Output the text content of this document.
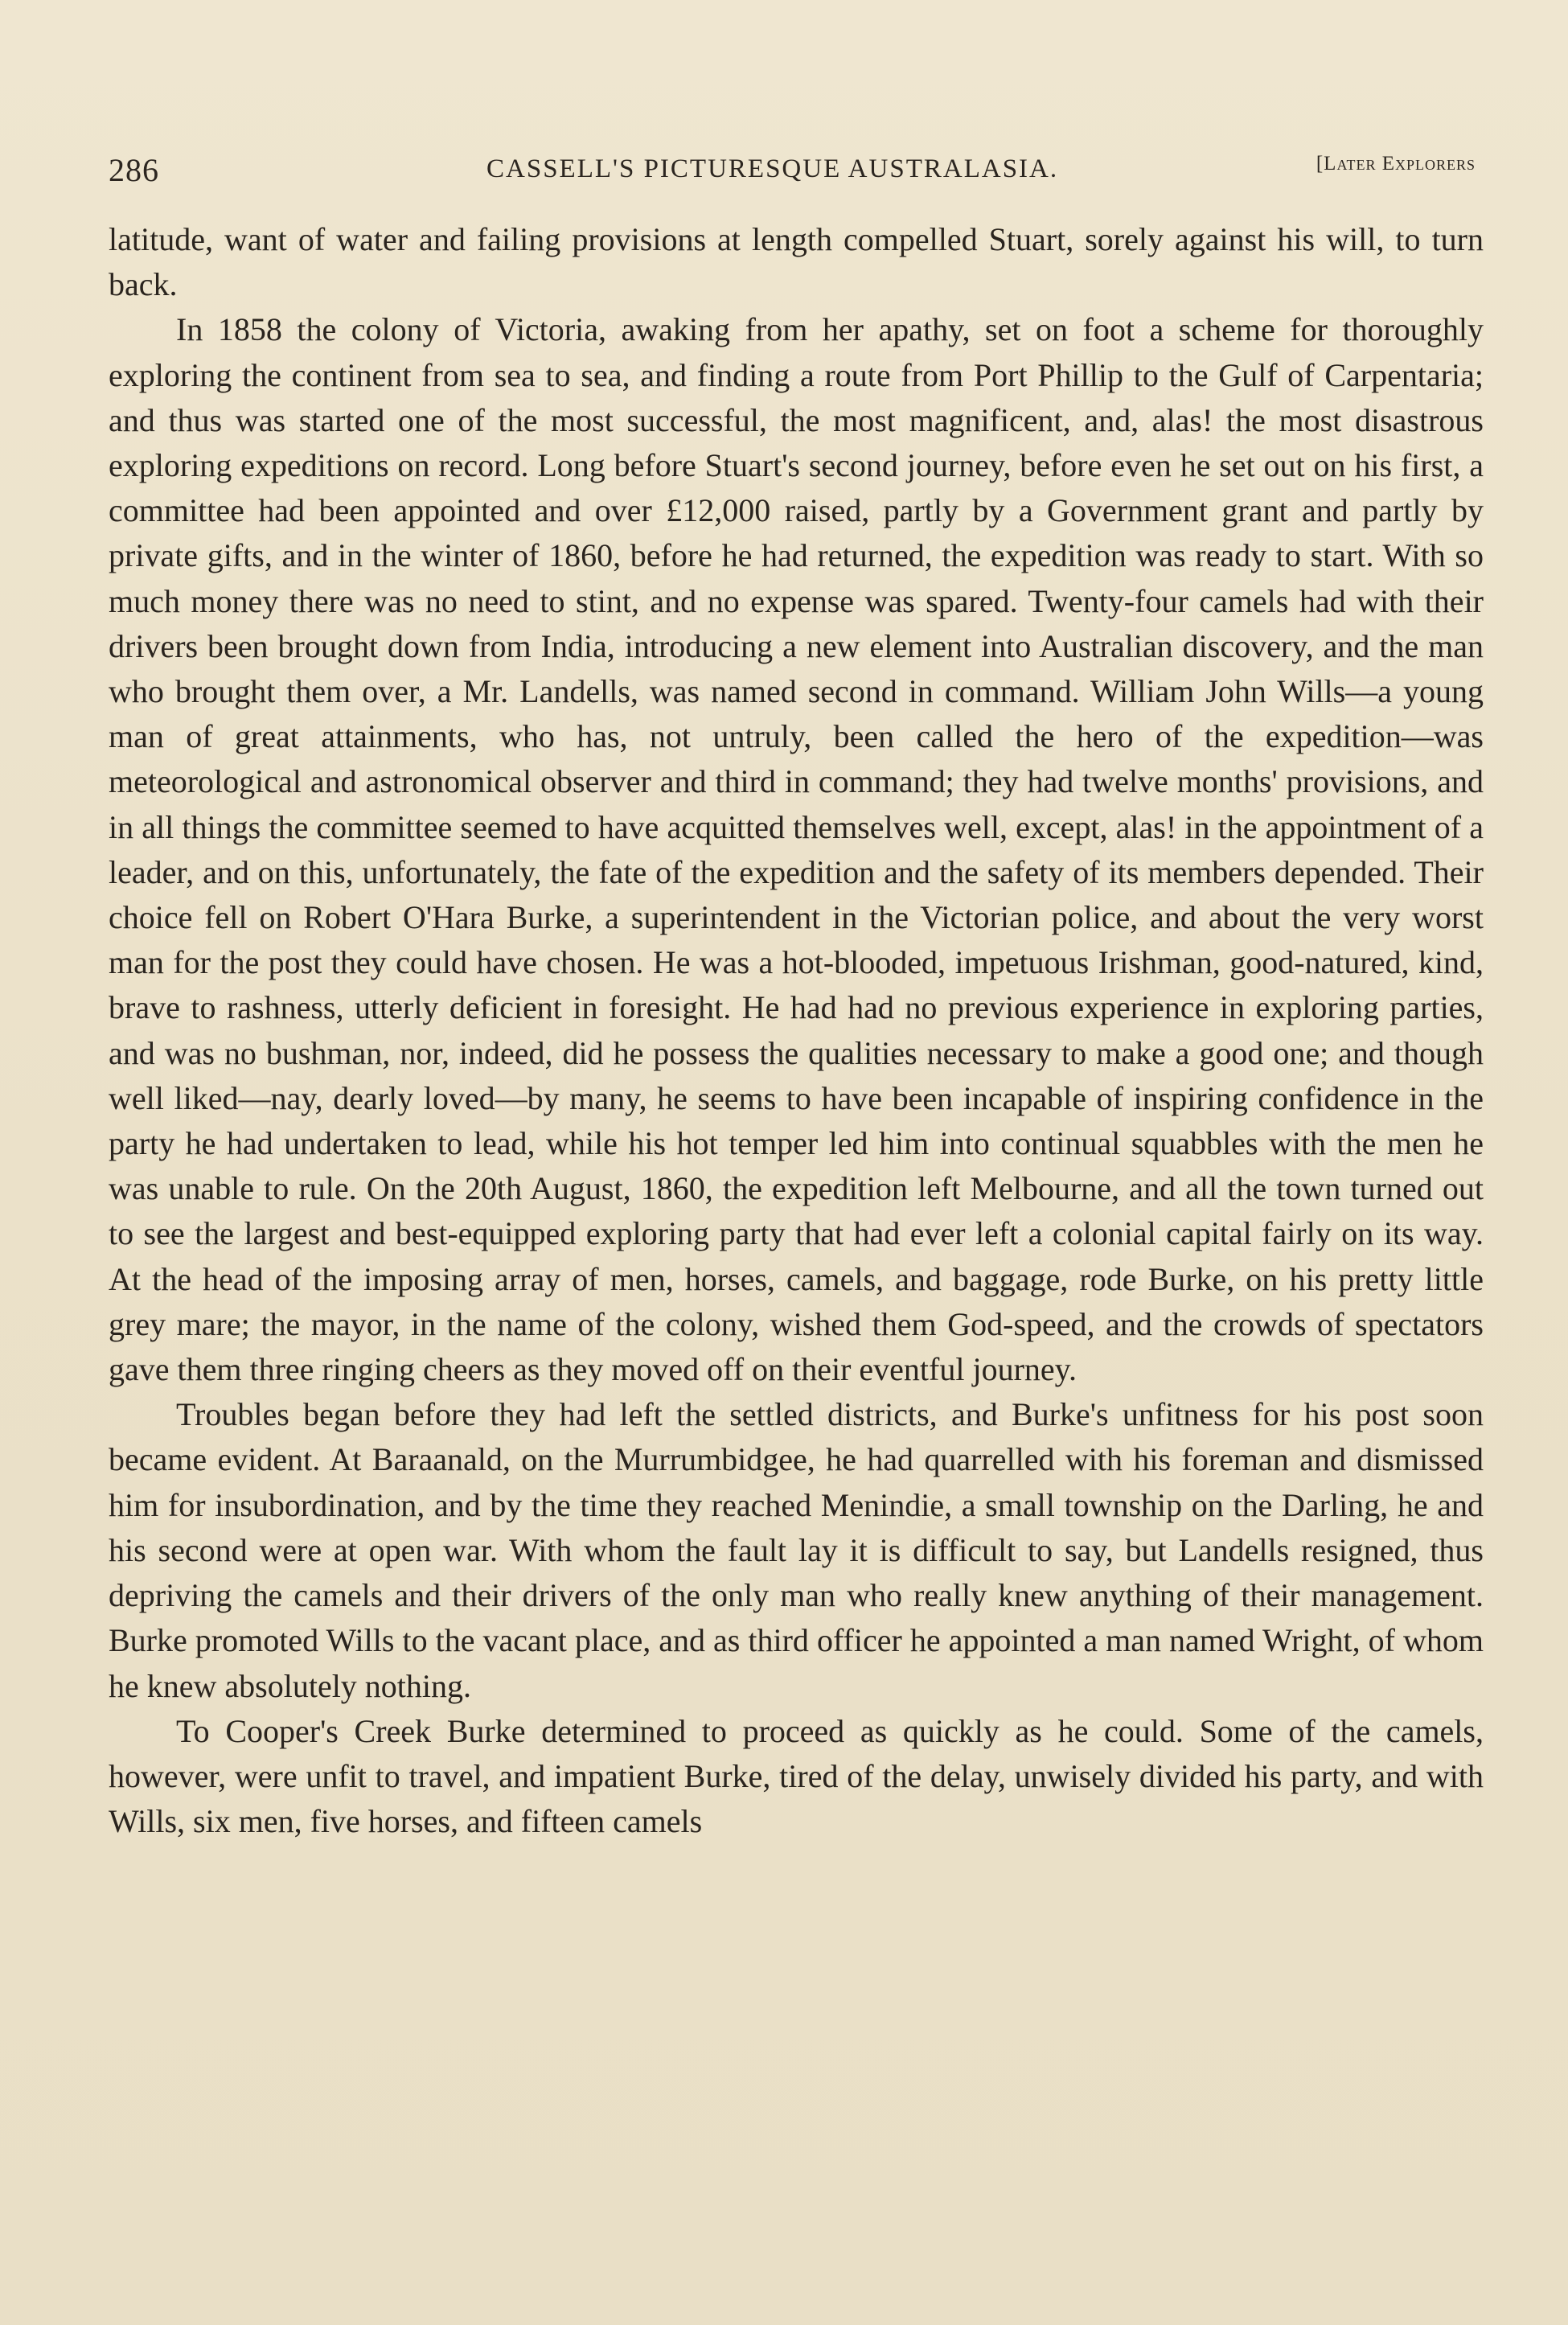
286	CASSELL'S PICTURESQUE AUSTRALASIA.	[Later Explorers

latitude, want of water and failing provisions at length compelled Stuart, sorely against his will, to turn back.

In 1858 the colony of Victoria, awaking from her apathy, set on foot a scheme for thoroughly exploring the continent from sea to sea, and finding a route from Port Phillip to the Gulf of Carpentaria; and thus was started one of the most successful, the most magnificent, and, alas! the most disastrous exploring expeditions on record. Long before Stuart's second journey, before even he set out on his first, a committee had been appointed and over £12,000 raised, partly by a Government grant and partly by private gifts, and in the winter of 1860, before he had returned, the expedition was ready to start. With so much money there was no need to stint, and no expense was spared. Twenty-four camels had with their drivers been brought down from India, introducing a new element into Australian discovery, and the man who brought them over, a Mr. Landells, was named second in command. William John Wills—a young man of great attainments, who has, not untruly, been called the hero of the expedition—was meteorological and astronomical observer and third in command; they had twelve months' provisions, and in all things the committee seemed to have acquitted themselves well, except, alas! in the appointment of a leader, and on this, unfortunately, the fate of the expedition and the safety of its members depended. Their choice fell on Robert O'Hara Burke, a superintendent in the Victorian police, and about the very worst man for the post they could have chosen. He was a hot-blooded, impetuous Irishman, good-natured, kind, brave to rashness, utterly deficient in foresight. He had had no previous experience in exploring parties, and was no bushman, nor, indeed, did he possess the qualities necessary to make a good one; and though well liked—nay, dearly loved—by many, he seems to have been incapable of inspiring confidence in the party he had undertaken to lead, while his hot temper led him into continual squabbles with the men he was unable to rule. On the 20th August, 1860, the expedition left Melbourne, and all the town turned out to see the largest and best-equipped exploring party that had ever left a colonial capital fairly on its way. At the head of the imposing array of men, horses, camels, and baggage, rode Burke, on his pretty little grey mare; the mayor, in the name of the colony, wished them God-speed, and the crowds of spectators gave them three ringing cheers as they moved off on their eventful journey.

Troubles began before they had left the settled districts, and Burke's unfitness for his post soon became evident. At Baraanald, on the Murrumbidgee, he had quarrelled with his foreman and dismissed him for insubordination, and by the time they reached Menindie, a small township on the Darling, he and his second were at open war. With whom the fault lay it is difficult to say, but Landells resigned, thus depriving the camels and their drivers of the only man who really knew anything of their management. Burke promoted Wills to the vacant place, and as third officer he appointed a man named Wright, of whom he knew absolutely nothing.

To Cooper's Creek Burke determined to proceed as quickly as he could. Some of the camels, however, were unfit to travel, and impatient Burke, tired of the delay, unwisely divided his party, and with Wills, six men, five horses, and fifteen camels
